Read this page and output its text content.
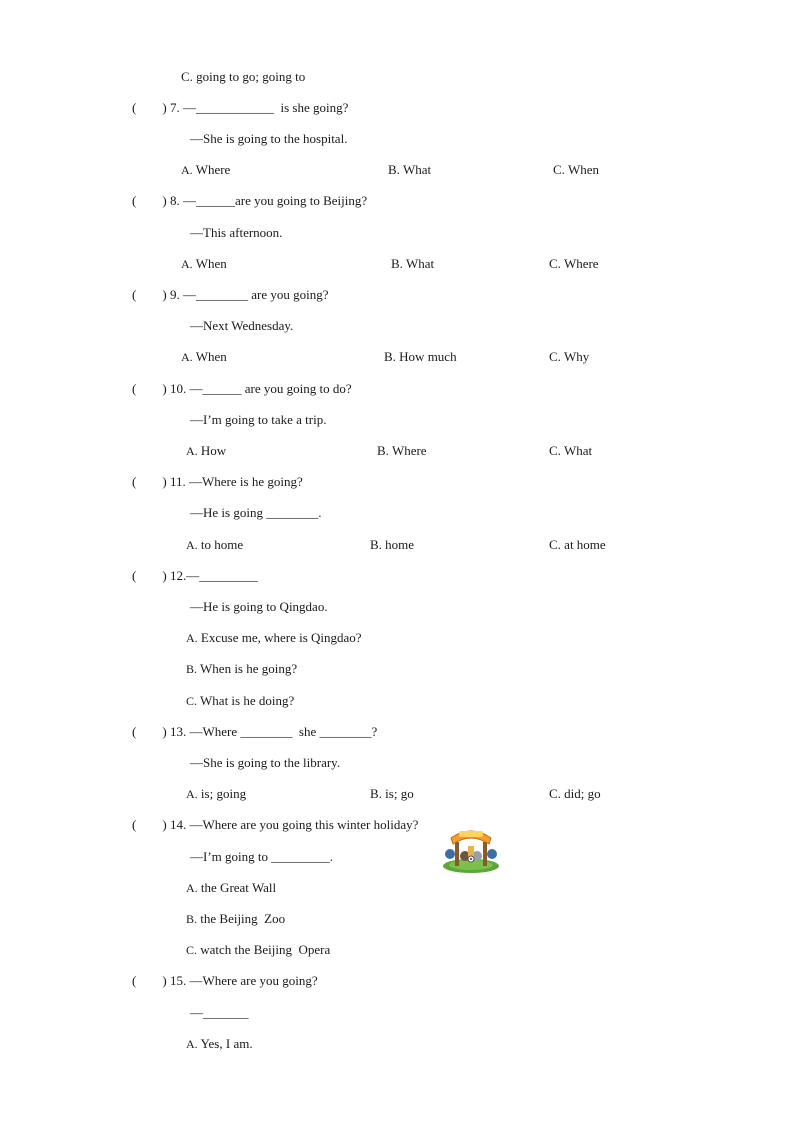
C. going to go; going to
(        ) 7. —____________  is she going?
—She is going to the hospital.
A. Where	B. What	C. When
(        ) 8. —______are you going to Beijing?
—This afternoon.
A. When	B. What	C. Where
(        ) 9. —________ are you going?
—Next Wednesday.
A. When	B. How much	C. Why
(        ) 10. —______ are you going to do?
—I’m going to take a trip.
A. How	B. Where	C. What
(        ) 11. —Where is he going?
—He is going ________.
A. to home	B. home	C. at home
(        ) 12.—_________
—He is going to Qingdao.
A. Excuse me, where is Qingdao?
B. When is he going?
C. What is he doing?
(        ) 13. —Where ________  she ________?
—She is going to the library.
A. is; going	B. is; go	C. did; go
(        ) 14. —Where are you going this winter holiday?
—I’m going to _________.
A. the Great Wall
B. the Beijing  Zoo
C. watch the Beijing  Opera
(        ) 15. —Where are you going?
—_______
A. Yes, I am.
